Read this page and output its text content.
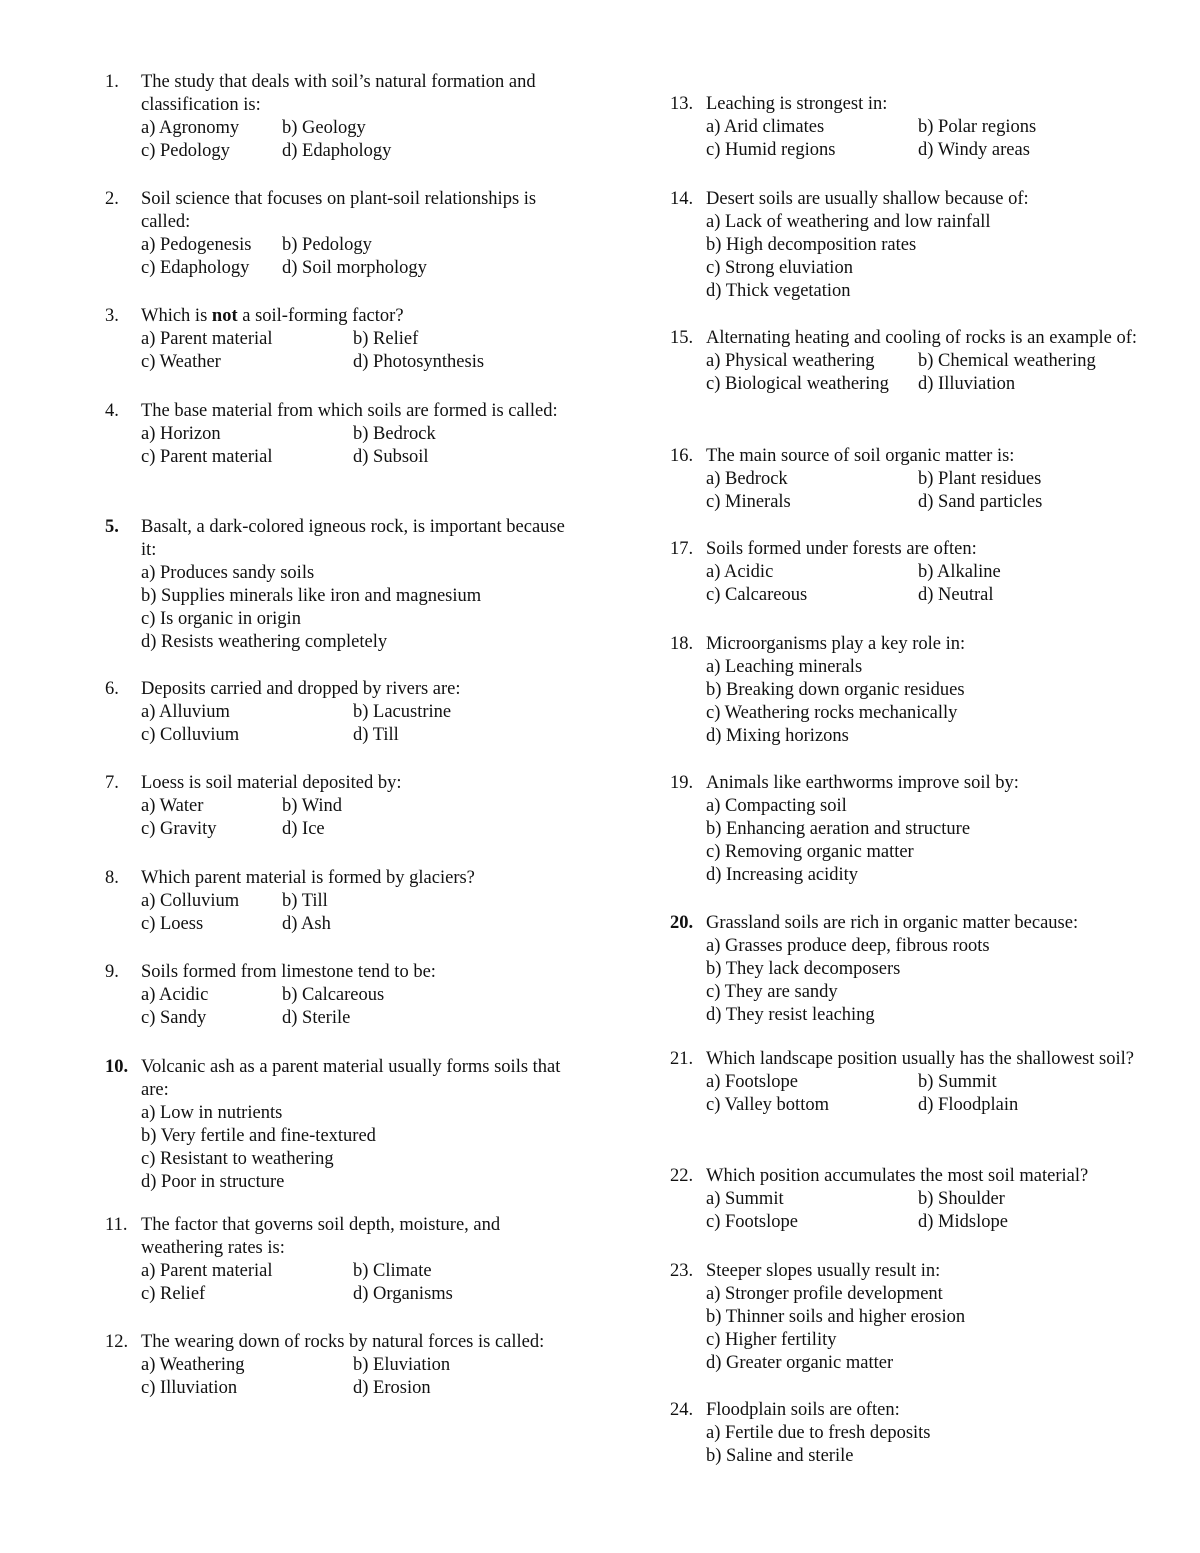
1.	The study that deals with soil’s natural formation and classification is:
a) Agronomy b) Geology
c) Pedology	d) Edaphology
2.	Soil science that focuses on plant-soil relationships is called:
a) Pedogenesis b) Pedology
c) Edaphology d) Soil morphology
3.	Which is not a soil-forming factor?
a) Parent material	b) Relief
c) Weather	d) Photosynthesis
4.	The base material from which soils are formed is called:
a) Horizon	b) Bedrock
c) Parent material	d) Subsoil
5.	Basalt, a dark-colored igneous rock, is important because it:
a) Produces sandy soils
b) Supplies minerals like iron and magnesium
c) Is organic in origin
d) Resists weathering completely
6.	Deposits carried and dropped by rivers are:
a) Alluvium	b) Lacustrine
c) Colluvium	d) Till
7.	Loess is soil material deposited by:
a) Water	b) Wind
c) Gravity	d) Ice
8.	Which parent material is formed by glaciers?
a) Colluvium b) Till
c) Loess	d) Ash
9.	Soils formed from limestone tend to be:
a) Acidic	b) Calcareous
c) Sandy	d) Sterile
10. Volcanic ash as a parent material usually forms soils that are:
a) Low in nutrients
b) Very fertile and fine-textured
c) Resistant to weathering
d) Poor in structure
11. The factor that governs soil depth, moisture, and weathering rates is:
a) Parent material	b) Climate
c) Relief	d) Organisms
12. The wearing down of rocks by natural forces is called:
a) Weathering	b) Eluviation
c) Illuviation	d) Erosion
13. Leaching is strongest in:
a) Arid climates	b) Polar regions
c) Humid regions	d) Windy areas
14. Desert soils are usually shallow because of:
a) Lack of weathering and low rainfall
b) High decomposition rates
c) Strong eluviation
d) Thick vegetation
15. Alternating heating and cooling of rocks is an example of:
a) Physical weathering b) Chemical weathering
c) Biological weathering d) Illuviation
16. The main source of soil organic matter is:
a) Bedrock	b) Plant residues
c) Minerals	d) Sand particles
17. Soils formed under forests are often:
a) Acidic	b) Alkaline
c) Calcareous	d) Neutral
18. Microorganisms play a key role in:
a) Leaching minerals
b) Breaking down organic residues
c) Weathering rocks mechanically
d) Mixing horizons
19. Animals like earthworms improve soil by:
a) Compacting soil
b) Enhancing aeration and structure
c) Removing organic matter
d) Increasing acidity
20. Grassland soils are rich in organic matter because:
a) Grasses produce deep, fibrous roots
b) They lack decomposers
c) They are sandy
d) They resist leaching
21. Which landscape position usually has the shallowest soil?
a) Footslope	b) Summit
c) Valley bottom	d) Floodplain
22. Which position accumulates the most soil material?
a) Summit	b) Shoulder
c) Footslope	d) Midslope
23. Steeper slopes usually result in:
a) Stronger profile development
b) Thinner soils and higher erosion
c) Higher fertility
d) Greater organic matter
24. Floodplain soils are often:
a) Fertile due to fresh deposits
b) Saline and sterile
